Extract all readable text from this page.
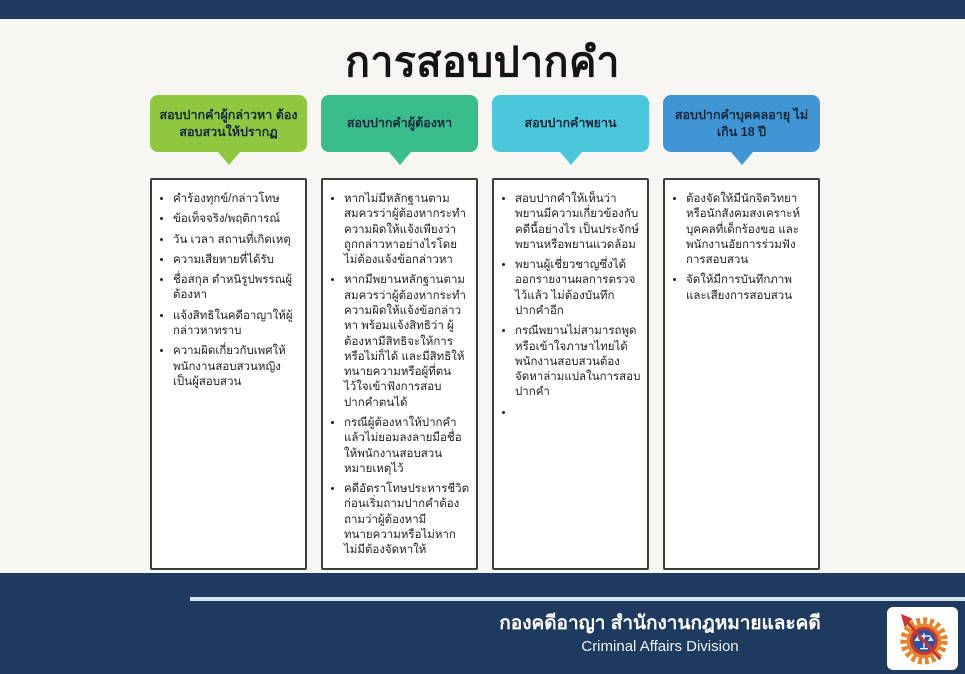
การสอบปากคำ
สอบปากคำผู้กล่าวหา ต้องสอบสวนให้ปรากฏ
• คำร้องทุกข์/กล่าวโทษ
• ข้อเท็จจริง/พฤติการณ์
• วัน เวลา สถานที่เกิดเหตุ
• ความเสียหายที่ได้รับ
• ชื่อสกุล ตำหนิรูปพรรณผู้ต้องหา
• แจ้งสิทธิในคดีอาญาให้ผู้กล่าวหาทราบ
• ความผิดเกี่ยวกับเพศให้พนักงานสอบสวนหญิงเป็นผู้สอบสวน
สอบปากคำผู้ต้องหา
• หากไม่มีหลักฐานตามสมควรว่าผู้ต้องหากระทำความผิดให้แจ้งเพียงว่าถูกกล่าวหาอย่างไรโดยไม่ต้องแจ้งข้อกล่าวหา
• หากมีพยานหลักฐานตามสมควรว่าผู้ต้องหากระทำความผิดให้แจ้งข้อกล่าวหา พร้อมแจ้งสิทธิว่า ผู้ต้องหามีสิทธิจะให้การหรือไม่ก็ได้ และมีสิทธิให้ทนายความหรือผู้ที่ตนไว้ใจเข้าฟังการสอบปากคำตนได้
• กรณีผู้ต้องหาให้ปากคำแล้วไม่ยอมลงลายมือชื่อ ให้พนักงานสอบสวนหมายเหตุไว้
• คดีอัตราโทษประหารชีวิต ก่อนเริ่มถามปากคำต้องถามว่าผู้ต้องหามีทนายความหรือไม่หากไม่มีต้องจัดหาให้
สอบปากคำพยาน
• สอบปากคำให้เห็นว่า พยานมีความเกี่ยวข้องกับคดีนี้อย่างไร เป็นประจักษ์พยานหรือพยานแวดล้อม
• พยานผู้เชี่ยวชาญซึ่งได้ออกรายงานผลการตรวจไว้แล้ว ไม่ต้องบันทึกปากคำอีก
• กรณีพยานไม่สามารถพูดหรือเข้าใจภาษาไทยได้ พนักงานสอบสวนต้องจัดหาล่ามแปลในการสอบปากคำ
•
สอบปากคำบุคคลอายุ ไม่เกิน 18 ปี
• ต้องจัดให้มีนักจิตวิทยาหรือนักสังคมสงเคราะห์ บุคคลที่เด็กร้องขอ และพนักงานอัยการร่วมฟังการสอบสวน
• จัดให้มีการบันทึกภาพและเสียงการสอบสวน
กองคดีอาญา สำนักงานกฎหมายและคดี
Criminal Affairs Division
